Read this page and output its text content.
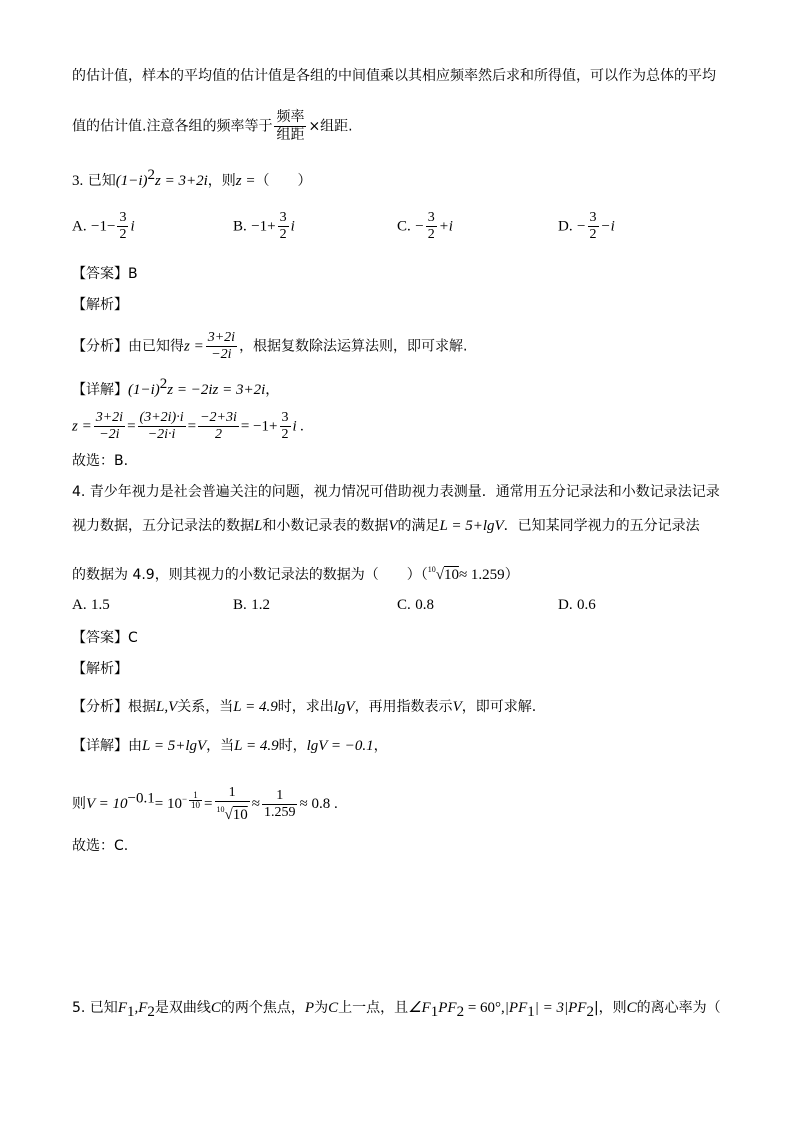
的估计值，样本的平均值的估计值是各组的中间值乘以其相应频率然后求和所得值，可以作为总体的平均
值的估计值.注意各组的频率等于 $\frac{\text{频率}}{\text{组距}}$ ×组距.
3. 已知$(1-i)^2z = 3+2i$，则z =（　　）
A. $-1- \frac{3}{2}$ i	B. $-1+ \frac{3}{2}$ i	C. − $\frac{3}{2} +i$	D. − $\frac{3}{2} -i$
【答案】B
【解析】
【分析】由已知得$z = \frac{3+2i}{-2i}$ ，根据复数除法运算法则，即可求解.
【详解】$(1-i)^2z = -2iz = 3+2i$，
$z = \frac{3+2i}{-2i} = \frac{(3+2i)\cdot i}{-2i\cdot i} = \frac{-2+3i}{2} = -1+ \frac{3}{2}$ i .
故选：B.
4. 青少年视力是社会普遍关注的问题，视力情况可借助视力表测量．通常用五分记录法和小数记录法记录
视力数据，五分记录法的数据L和小数记录表的数据V的满足L = 5+lgV．已知某同学视力的五分记录法
的数据为 4.9，则其视力的小数记录法的数据为（　　）（$^{10}$√10≈ 1.259）
A. 1.5	B. 1.2	C. 0.8	D. 0.6
【答案】C
【解析】
【分析】根据L,V关系，当L = 4.9时，求出lgV，再用指数表示V，即可求解.
【详解】由L = 5+lgV，当L = 4.9时，lgV = −0.1，
则$V = 10^{-0.1}= 10^{- \frac{1}{10}} = \frac{1}{^{10}√10} \approx \frac{1}{1.259} \approx 0.8$ .
故选：C.
5. 已知$F_1,F_2$是双曲线C的两个焦点，P为C上一点，且$\angle F_1PF_2 = 60^\circ,|PF_1| = 3|PF_2|$，则C的离心率为（
